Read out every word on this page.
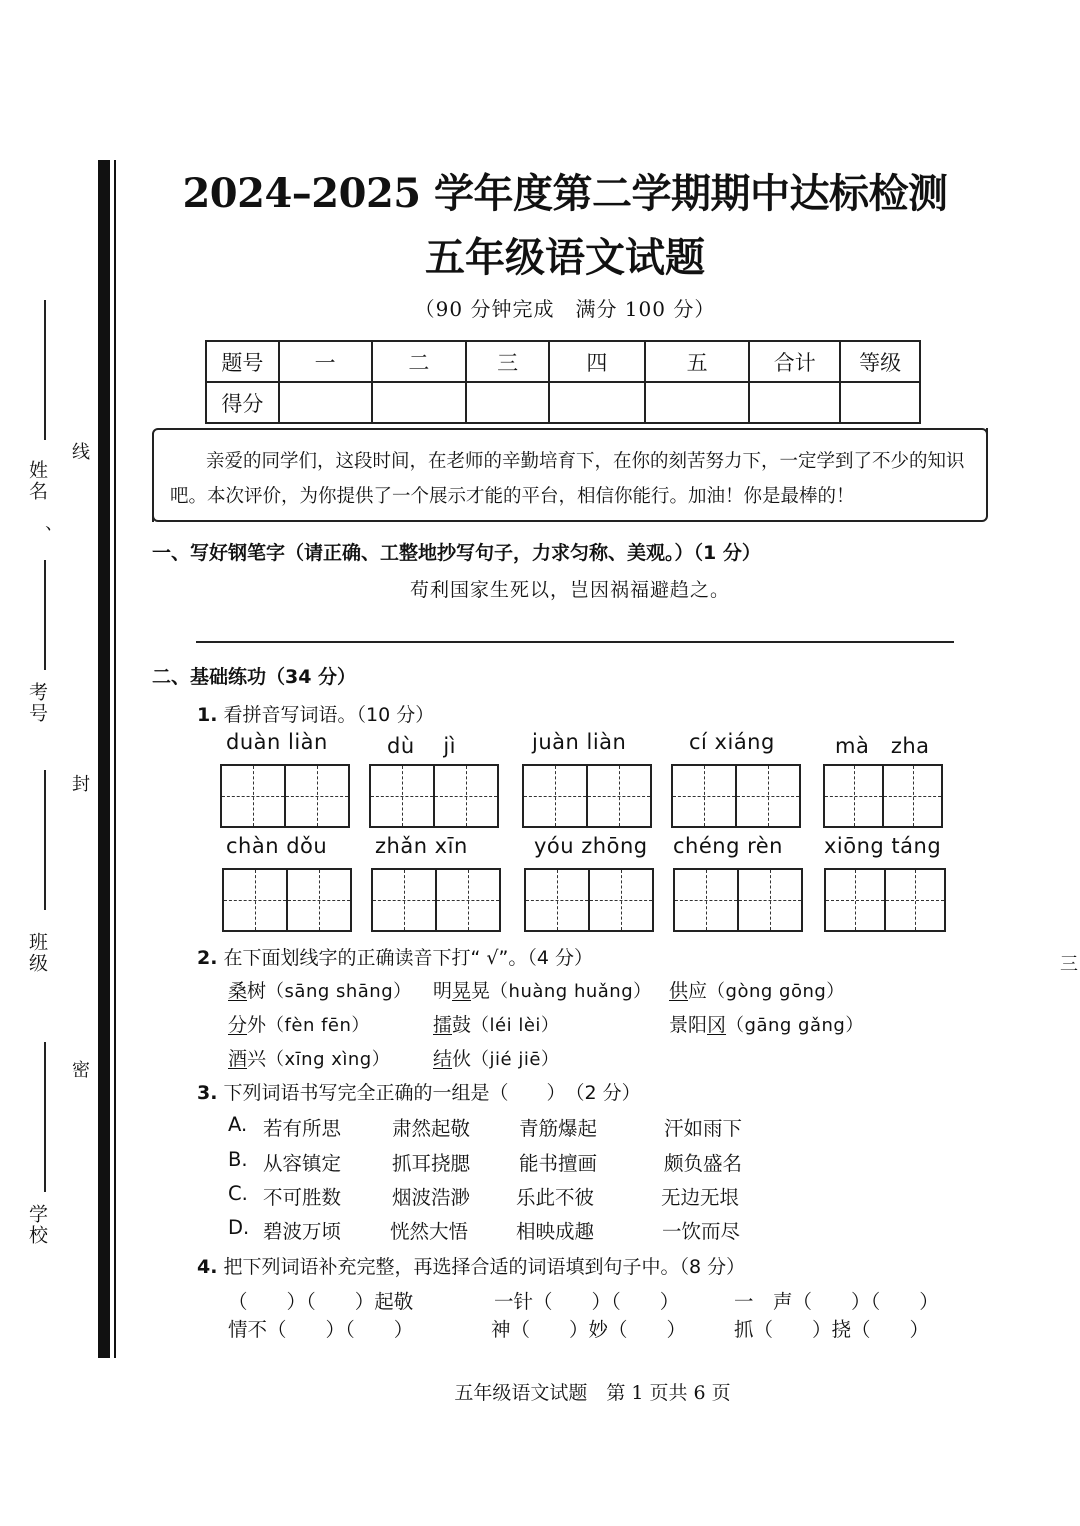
姓名
、
考号
班级
学校
线
封
密
2024–2025 学年度第二学期期中达标检测
五年级语文试题
（90 分钟完成　满分 100 分）
题号	一	二	三	四	五	合计	等级
得分							
亲爱的同学们，这段时间，在老师的辛勤培育下，在你的刻苦努力下，一定学到了不少的知识吧。本次评价，为你提供了一个展示才能的平台，相信你能行。加油！你是最棒的！
一、写好钢笔字（请正确、工整地抄写句子，力求匀称、美观。）（1 分）
苟利国家生死以，岂因祸福避趋之。
二、基础练功（34 分）
1. 看拼音写词语。（10 分）
duàn liàn	dù　 jì	juàn liàn	cí xiáng	mà　zha
chàn dǒu	zhǎn xīn	yóu zhōng	chéng rèn	xiōng táng
2. 在下面划线字的正确读音下打“ √”。（4 分）
桑树（sāng shāng） 明晃晃（huàng huǎng） 供应（gòng gōng）
分外（fèn fēn）	擂鼓（léi lèi）	景阳冈（gāng gǎng）
酒兴（xīng xìng） 结伙（jié jiē）
3. 下列词语书写完全正确的一组是（　　）　（2 分）
A. 若有所思	肃然起敬	青筋爆起	汗如雨下
B. 从容镇定	抓耳挠腮	能书擅画	颇负盛名
C. 不可胜数	烟波浩渺 乐此不彼	无边无垠
D. 碧波万顷	恍然大悟 相映成趣	一饮而尽
4. 把下列词语补充完整，再选择合适的词语填到句子中。（8 分）
（　　）（　　）起敬	一针（　　）（　　）	一　声（　　）（　　）
情不（　　）（　　）	神（　　）妙（　　） 抓（　　）挠（　　）
五年级语文试题　第 1 页共 6 页
三
